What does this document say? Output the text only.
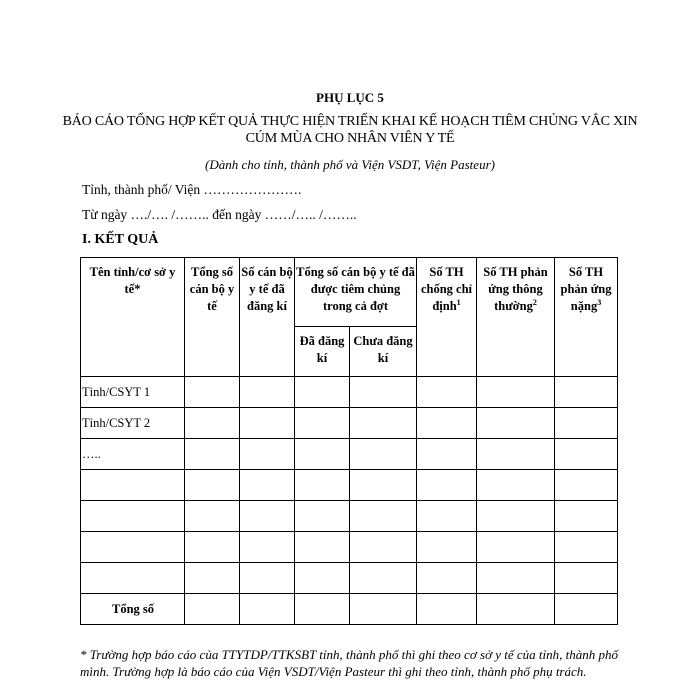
PHỤ LỤC 5
BÁO CÁO TỔNG HỢP KẾT QUẢ THỰC HIỆN TRIỂN KHAI KẾ HOẠCH TIÊM CHỦNG VẮC XIN CÚM MÙA CHO NHÂN VIÊN Y TẾ
(Dành cho tỉnh, thành phố và Viện VSDT, Viện Pasteur)
Tỉnh, thành phố/ Viện ………………….
Từ ngày …./…. /…….. đến ngày ……/….. /……..
I. KẾT QUẢ
Tên tỉnh/cơ sở y tế*	Tổng số cán bộ y tế	Số cán bộ y tế đã đăng kí	Tổng số cán bộ y tế đã được tiêm chủng trong cả đợt		Số TH chống chỉ định$^1$	Số TH phản ứng thông thường$^2$	Số TH phản ứng nặng$^3$
			Đã đăng kí	Chưa đăng kí			
Tỉnh/CSYT 1							
Tỉnh/CSYT 2							
…..							

Tổng số							
* Trường hợp báo cáo của TTYTDP/TTKSBT tỉnh, thành phố thì ghi theo cơ sở y tế của tỉnh, thành phố mình. Trường hợp là báo cáo của Viện VSDT/Viện Pasteur thì ghi theo tỉnh, thành phố phụ trách.
